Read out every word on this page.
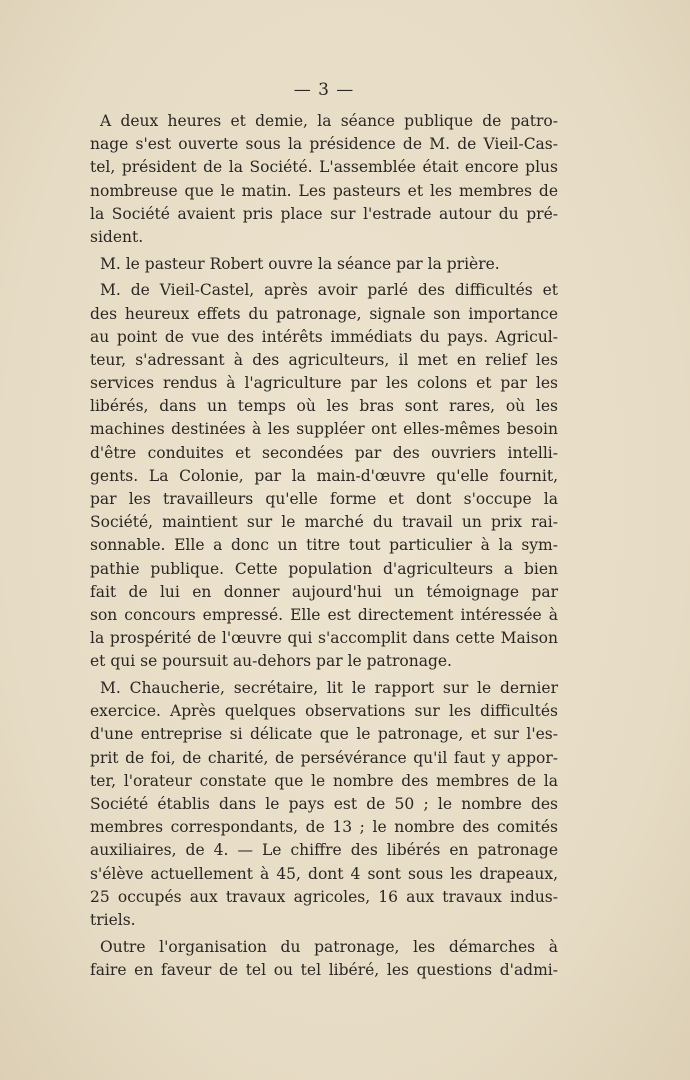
— 3 —
A deux heures et demie, la séance publique de patro-
nage s'est ouverte sous la présidence de M. de Vieil-Cas-
tel, président de la Société. L'assemblée était encore plus
nombreuse que le matin. Les pasteurs et les membres de
la Société avaient pris place sur l'estrade autour du pré-
sident.
M. le pasteur Robert ouvre la séance par la prière.
M. de Vieil-Castel, après avoir parlé des difficultés et
des heureux effets du patronage, signale son importance
au point de vue des intérêts immédiats du pays. Agricul-
teur, s'adressant à des agriculteurs, il met en relief les
services rendus à l'agriculture par les colons et par les
libérés, dans un temps où les bras sont rares, où les
machines destinées à les suppléer ont elles-mêmes besoin
d'être conduites et secondées par des ouvriers intelli-
gents. La Colonie, par la main-d'œuvre qu'elle fournit,
par les travailleurs qu'elle forme et dont s'occupe la
Société, maintient sur le marché du travail un prix rai-
sonnable. Elle a donc un titre tout particulier à la sym-
pathie publique. Cette population d'agriculteurs a bien
fait de lui en donner aujourd'hui un témoignage par
son concours empressé. Elle est directement intéressée à
la prospérité de l'œuvre qui s'accomplit dans cette Maison
et qui se poursuit au-dehors par le patronage.
M. Chaucherie, secrétaire, lit le rapport sur le dernier
exercice. Après quelques observations sur les difficultés
d'une entreprise si délicate que le patronage, et sur l'es-
prit de foi, de charité, de persévérance qu'il faut y appor-
ter, l'orateur constate que le nombre des membres de la
Société établis dans le pays est de 50 ; le nombre des
membres correspondants, de 13 ; le nombre des comités
auxiliaires, de 4. — Le chiffre des libérés en patronage
s'élève actuellement à 45, dont 4 sont sous les drapeaux,
25 occupés aux travaux agricoles, 16 aux travaux indus-
triels.
Outre l'organisation du patronage, les démarches à
faire en faveur de tel ou tel libéré, les questions d'admi-
